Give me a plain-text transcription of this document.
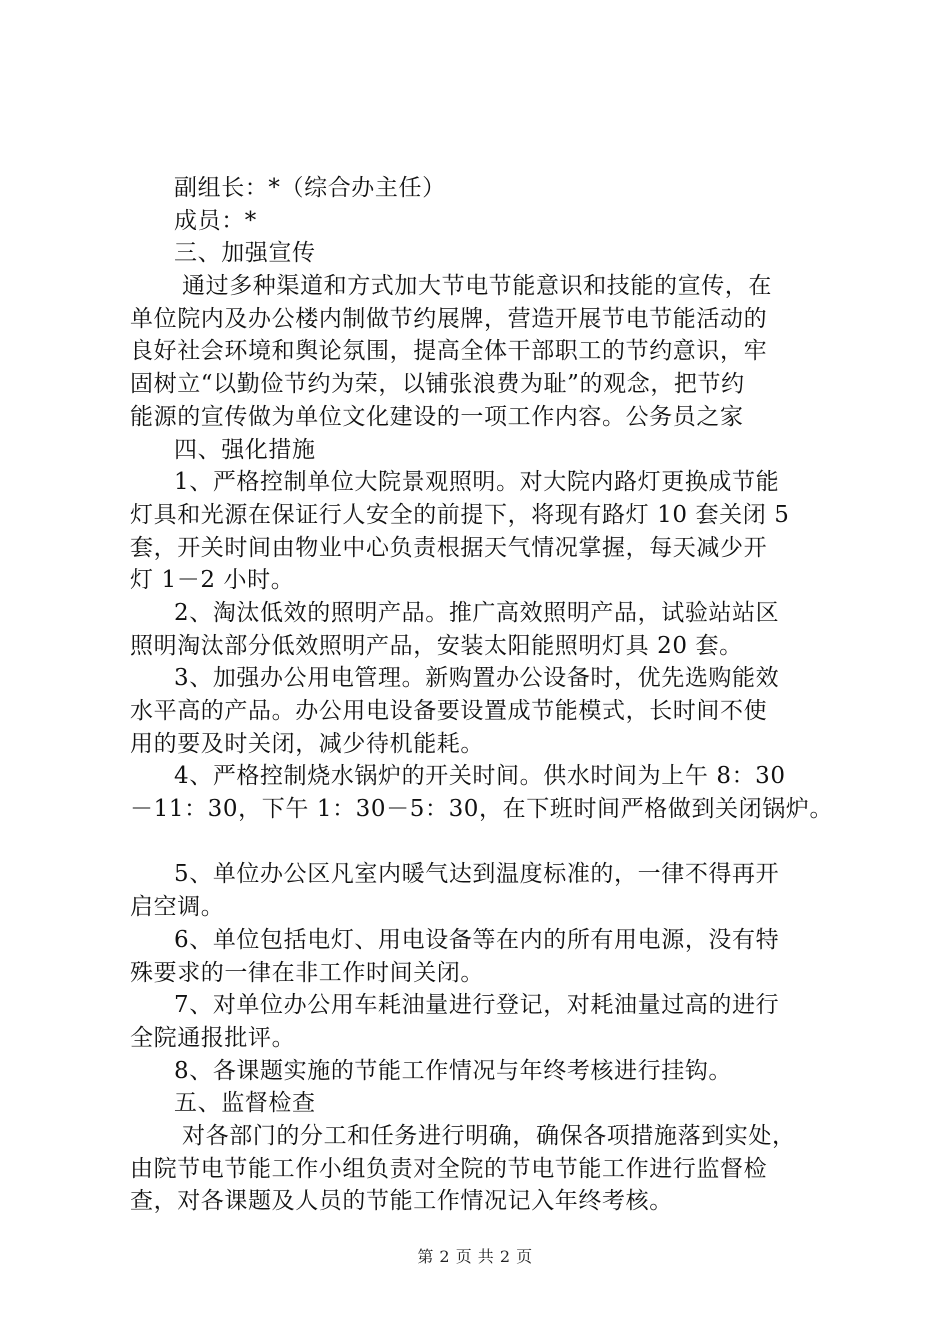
副组长：*（综合办主任）
成员：*
三、加强宣传
通过多种渠道和方式加大节电节能意识和技能的宣传，在
单位院内及办公楼内制做节约展牌，营造开展节电节能活动的
良好社会环境和舆论氛围，提高全体干部职工的节约意识，牢
固树立“以勤俭节约为荣，以铺张浪费为耻”的观念，把节约
能源的宣传做为单位文化建设的一项工作内容。公务员之家
四、强化措施
1、严格控制单位大院景观照明。对大院内路灯更换成节能
灯具和光源在保证行人安全的前提下，将现有路灯 10 套关闭 5
套，开关时间由物业中心负责根据天气情况掌握，每天减少开
灯 1－2 小时。
2、淘汰低效的照明产品。推广高效照明产品，试验站站区
照明淘汰部分低效照明产品，安装太阳能照明灯具 20 套。
3、加强办公用电管理。新购置办公设备时，优先选购能效
水平高的产品。办公用电设备要设置成节能模式，长时间不使
用的要及时关闭，减少待机能耗。
4、严格控制烧水锅炉的开关时间。供水时间为上午 8：30
－11：30，下午 1：30－5：30，在下班时间严格做到关闭锅炉。
5、单位办公区凡室内暖气达到温度标准的，一律不得再开
启空调。
6、单位包括电灯、用电设备等在内的所有用电源，没有特
殊要求的一律在非工作时间关闭。
7、对单位办公用车耗油量进行登记，对耗油量过高的进行
全院通报批评。
8、各课题实施的节能工作情况与年终考核进行挂钩。
五、监督检查
对各部门的分工和任务进行明确，确保各项措施落到实处，
由院节电节能工作小组负责对全院的节电节能工作进行监督检
查，对各课题及人员的节能工作情况记入年终考核。
第 2 页 共 2 页
